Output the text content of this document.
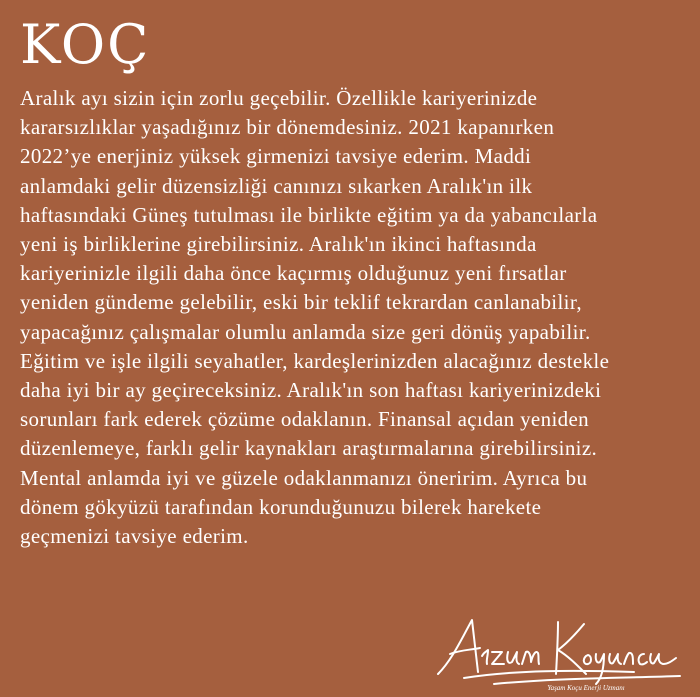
KOÇ
Aralık ayı sizin için zorlu geçebilir. Özellikle kariyerinizde
kararsızlıklar yaşadığınız bir dönemdesiniz. 2021 kapanırken
2022’ye enerjiniz yüksek girmenizi tavsiye ederim. Maddi
anlamdaki gelir düzensizliği canınızı sıkarken Aralık'ın ilk
haftasındaki Güneş tutulması ile birlikte eğitim ya da yabancılarla
yeni iş birliklerine girebilirsiniz. Aralık'ın ikinci haftasında
kariyerinizle ilgili daha önce kaçırmış olduğunuz yeni fırsatlar
yeniden gündeme gelebilir, eski bir teklif tekrardan canlanabilir,
yapacağınız çalışmalar olumlu anlamda size geri dönüş yapabilir.
Eğitim ve işle ilgili seyahatler, kardeşlerinizden alacağınız destekle
daha iyi bir ay geçireceksiniz. Aralık'ın son haftası kariyerinizdeki
sorunları fark ederek çözüme odaklanın. Finansal açıdan yeniden
düzenlemeye, farklı gelir kaynakları araştırmalarına girebilirsiniz.
Mental anlamda iyi ve güzele odaklanmanızı öneririm. Ayrıca bu
dönem gökyüzü tarafından korunduğunuzu bilerek harekete
geçmenizi tavsiye ederim.
Yaşam Koçu Enerji Uzmanı
